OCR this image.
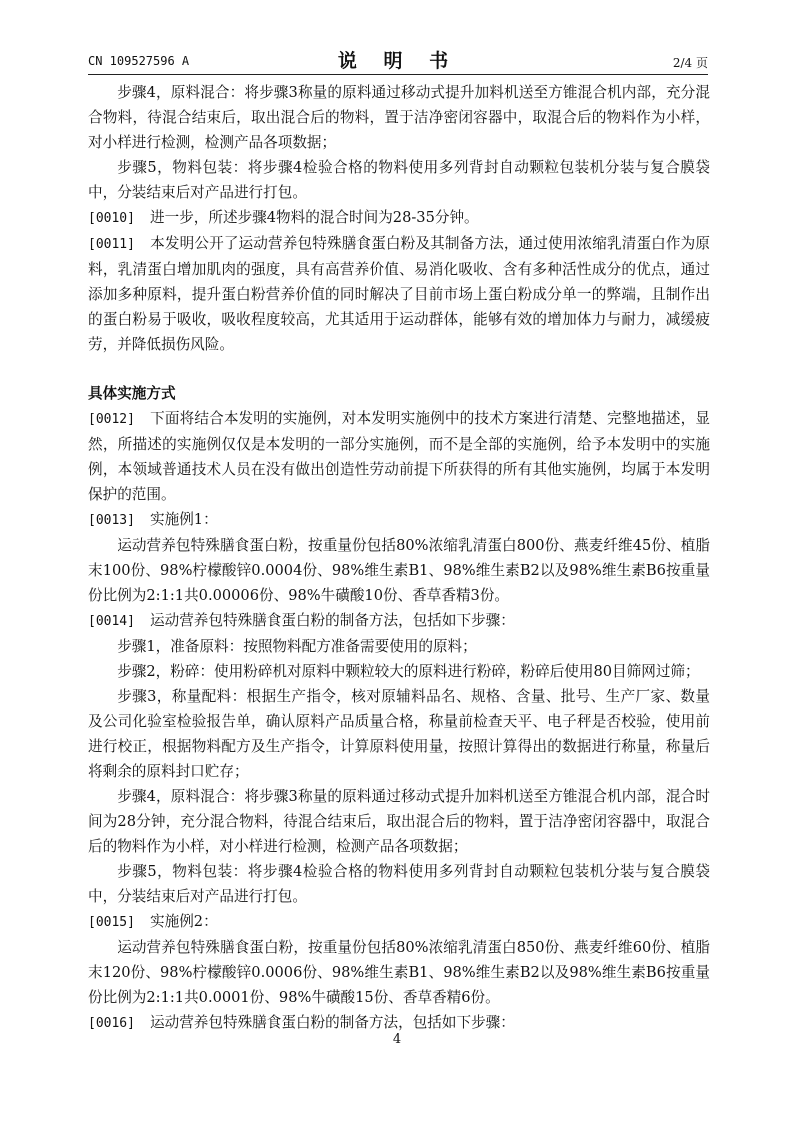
CN 109527596 A	说 明 书	2/4 页

步骤4，原料混合：将步骤3称量的原料通过移动式提升加料机送至方锥混合机内部，充分混合物料，待混合结束后，取出混合后的物料，置于洁净密闭容器中，取混合后的物料作为小样，对小样进行检测，检测产品各项数据；

步骤5，物料包装：将步骤4检验合格的物料使用多列背封自动颗粒包装机分装与复合膜袋中，分装结束后对产品进行打包。

[0010] 进一步，所述步骤4物料的混合时间为28-35分钟。

[0011] 本发明公开了运动营养包特殊膳食蛋白粉及其制备方法，通过使用浓缩乳清蛋白作为原料，乳清蛋白增加肌肉的强度，具有高营养价值、易消化吸收、含有多种活性成分的优点，通过添加多种原料，提升蛋白粉营养价值的同时解决了目前市场上蛋白粉成分单一的弊端，且制作出的蛋白粉易于吸收，吸收程度较高，尤其适用于运动群体，能够有效的增加体力与耐力，减缓疲劳，并降低损伤风险。

具体实施方式

[0012] 下面将结合本发明的实施例，对本发明实施例中的技术方案进行清楚、完整地描述，显然，所描述的实施例仅仅是本发明的一部分实施例，而不是全部的实施例，给予本发明中的实施例，本领域普通技术人员在没有做出创造性劳动前提下所获得的所有其他实施例，均属于本发明保护的范围。

[0013] 实施例1：

运动营养包特殊膳食蛋白粉，按重量份包括80%浓缩乳清蛋白800份、燕麦纤维45份、植脂末100份、98%柠檬酸锌0.0004份、98%维生素B1、98%维生素B2以及98%维生素B6按重量份比例为2:1:1共0.00006份、98%牛磺酸10份、香草香精3份。

[0014] 运动营养包特殊膳食蛋白粉的制备方法，包括如下步骤：

步骤1，准备原料：按照物料配方准备需要使用的原料；

步骤2，粉碎：使用粉碎机对原料中颗粒较大的原料进行粉碎，粉碎后使用80目筛网过筛；

步骤3，称量配料：根据生产指令，核对原辅料品名、规格、含量、批号、生产厂家、数量及公司化验室检验报告单，确认原料产品质量合格，称量前检查天平、电子秤是否校验，使用前进行校正，根据物料配方及生产指令，计算原料使用量，按照计算得出的数据进行称量，称量后将剩余的原料封口贮存；

步骤4，原料混合：将步骤3称量的原料通过移动式提升加料机送至方锥混合机内部，混合时间为28分钟，充分混合物料，待混合结束后，取出混合后的物料，置于洁净密闭容器中，取混合后的物料作为小样，对小样进行检测，检测产品各项数据；

步骤5，物料包装：将步骤4检验合格的物料使用多列背封自动颗粒包装机分装与复合膜袋中，分装结束后对产品进行打包。

[0015] 实施例2：

运动营养包特殊膳食蛋白粉，按重量份包括80%浓缩乳清蛋白850份、燕麦纤维60份、植脂末120份、98%柠檬酸锌0.0006份、98%维生素B1、98%维生素B2以及98%维生素B6按重量份比例为2:1:1共0.0001份、98%牛磺酸15份、香草香精6份。

[0016] 运动营养包特殊膳食蛋白粉的制备方法，包括如下步骤：

4
